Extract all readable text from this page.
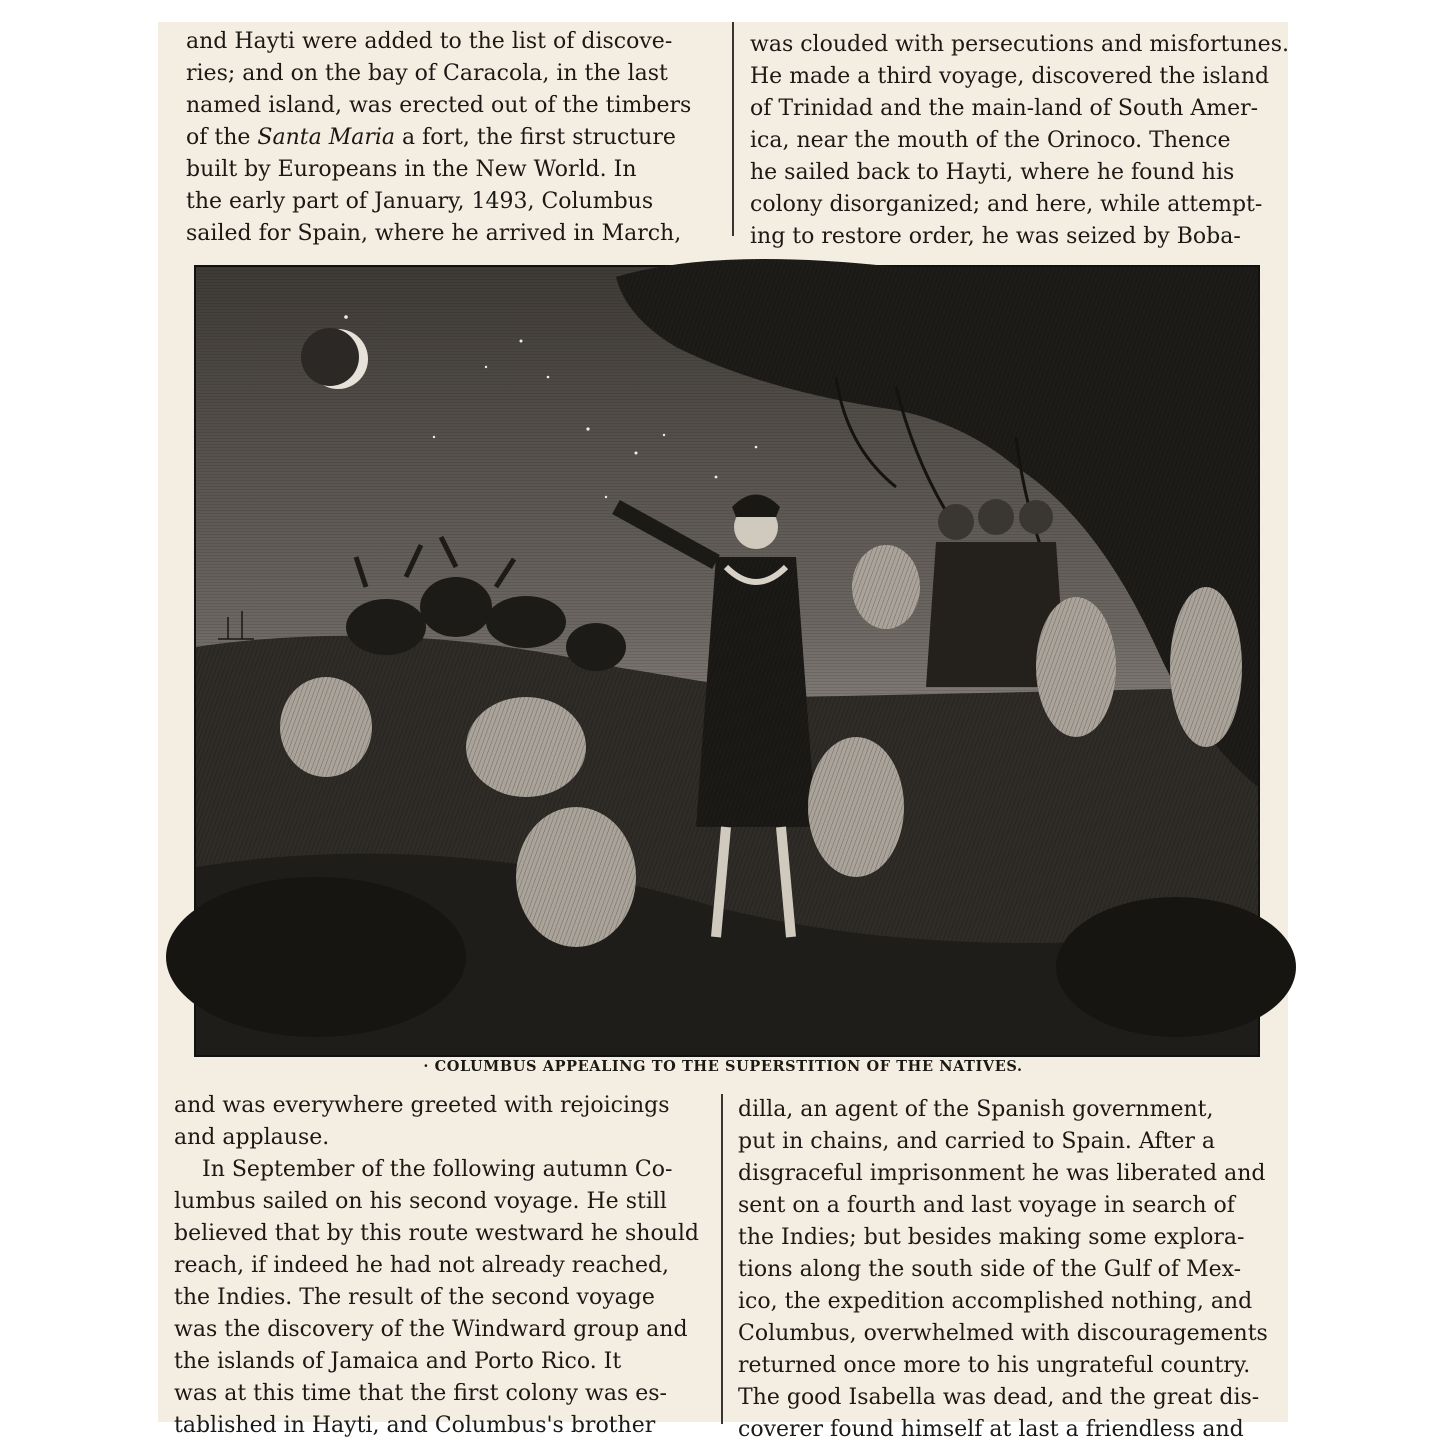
and Hayti were added to the list of discove-
ries; and on the bay of Caracola, in the last
named island, was erected out of the timbers
of the Santa Maria a fort, the first structure
built by Europeans in the New World. In
the early part of January, 1493, Columbus
sailed for Spain, where he arrived in March,
was clouded with persecutions and misfortunes.
He made a third voyage, discovered the island
of Trinidad and the main-land of South Amer-
ica, near the mouth of the Orinoco. Thence
he sailed back to Hayti, where he found his
colony disorganized; and here, while attempt-
ing to restore order, he was seized by Boba-
· COLUMBUS APPEALING TO THE SUPERSTITION OF THE NATIVES.
and was everywhere greeted with rejoicings
and applause.
In September of the following autumn Co-
lumbus sailed on his second voyage. He still
believed that by this route westward he should
reach, if indeed he had not already reached,
the Indies. The result of the second voyage
was the discovery of the Windward group and
the islands of Jamaica and Porto Rico. It
was at this time that the first colony was es-
tablished in Hayti, and Columbus's brother
dilla, an agent of the Spanish government,
put in chains, and carried to Spain. After a
disgraceful imprisonment he was liberated and
sent on a fourth and last voyage in search of
the Indies; but besides making some explora-
tions along the south side of the Gulf of Mex-
ico, the expedition accomplished nothing, and
Columbus, overwhelmed with discouragements
returned once more to his ungrateful country.
The good Isabella was dead, and the great dis-
coverer found himself at last a friendless and
